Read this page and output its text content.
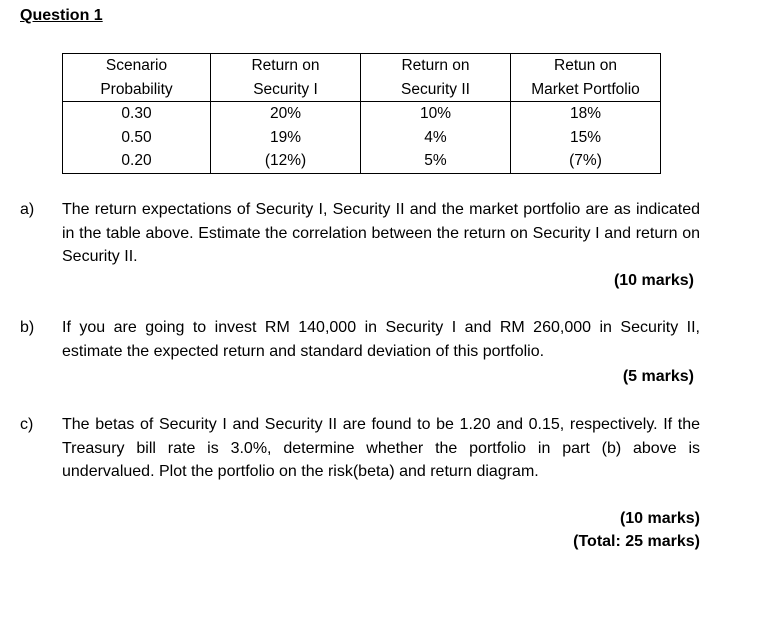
Question 1
Scenario	Return on	Return on	Retun on
Probability	Security I	Security II	Market Portfolio
0.30	20%	10%	18%
0.50	19%	4%	15%
0.20	(12%)	5%	(7%)
a) The return expectations of Security I, Security II and the market portfolio are as indicated in the table above. Estimate the correlation between the return on Security I and return on Security II.
(10 marks)
b) If you are going to invest RM 140,000 in Security I and RM 260,000 in Security II, estimate the expected return and standard deviation of this portfolio.
(5 marks)
c) The betas of Security I and Security II are found to be 1.20 and 0.15, respectively. If the Treasury bill rate is 3.0%, determine whether the portfolio in part (b) above is undervalued. Plot the portfolio on the risk(beta) and return diagram.
(10 marks)
(Total: 25 marks)
